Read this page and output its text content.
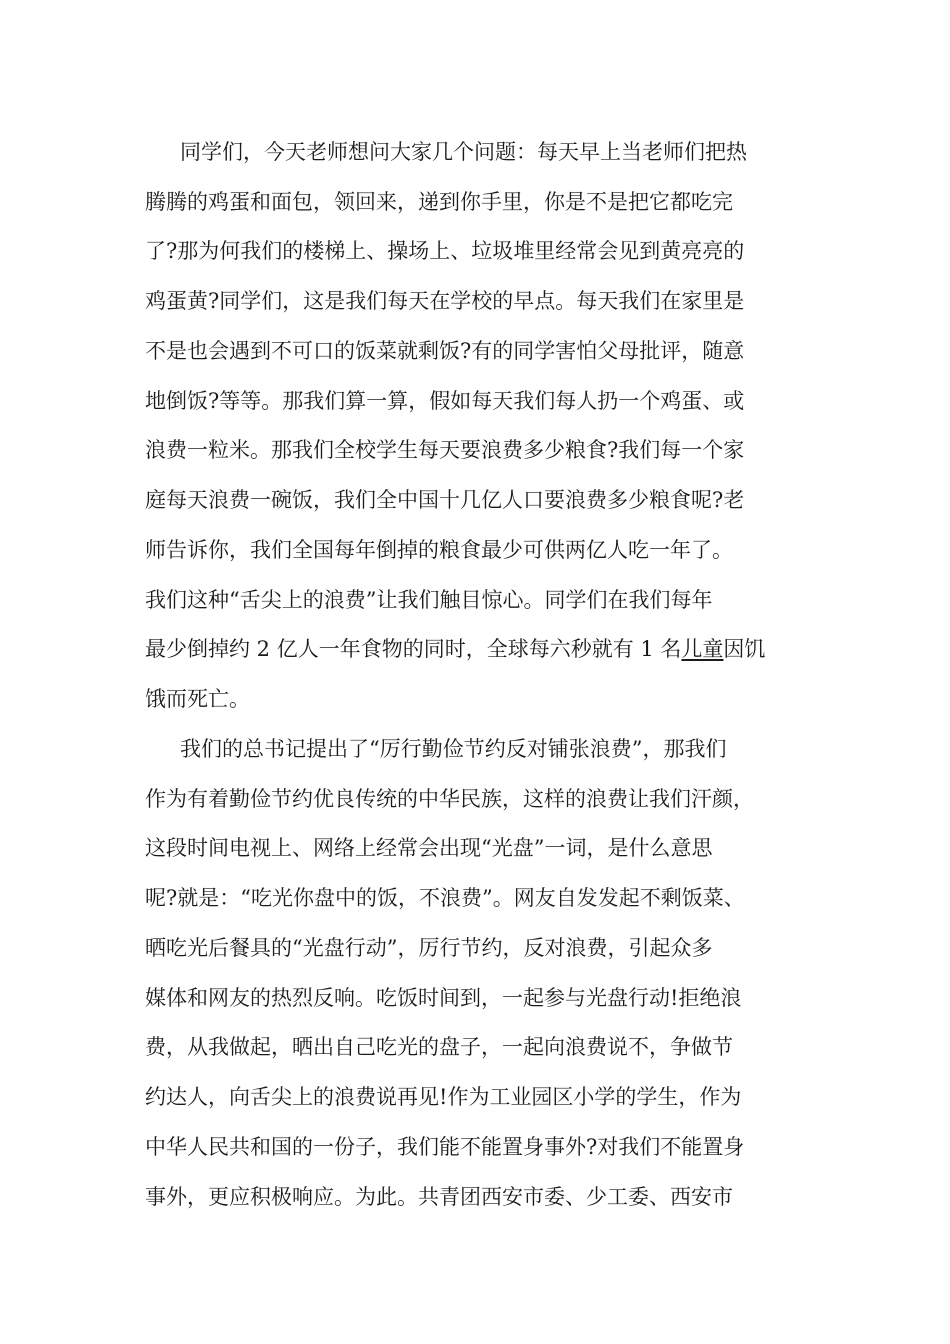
同学们，今天老师想问大家几个问题：每天早上当老师们把热
腾腾的鸡蛋和面包，领回来，递到你手里，你是不是把它都吃完
了?那为何我们的楼梯上、操场上、垃圾堆里经常会见到黄亮亮的
鸡蛋黄?同学们，这是我们每天在学校的早点。每天我们在家里是
不是也会遇到不可口的饭菜就剩饭?有的同学害怕父母批评，随意
地倒饭?等等。那我们算一算，假如每天我们每人扔一个鸡蛋、或
浪费一粒米。那我们全校学生每天要浪费多少粮食?我们每一个家
庭每天浪费一碗饭，我们全中国十几亿人口要浪费多少粮食呢?老
师告诉你，我们全国每年倒掉的粮食最少可供两亿人吃一年了。
我们这种“舌尖上的浪费”让我们触目惊心。同学们在我们每年
最少倒掉约 2 亿人一年食物的同时，全球每六秒就有 1 名儿童因饥
饿而死亡。
我们的总书记提出了“厉行勤俭节约反对铺张浪费”，那我们
作为有着勤俭节约优良传统的中华民族，这样的浪费让我们汗颜，
这段时间电视上、网络上经常会出现“光盘”一词，是什么意思
呢?就是：“吃光你盘中的饭，不浪费”。网友自发发起不剩饭菜、
晒吃光后餐具的“光盘行动”，厉行节约，反对浪费，引起众多
媒体和网友的热烈反响。吃饭时间到，一起参与光盘行动!拒绝浪
费，从我做起，晒出自己吃光的盘子，一起向浪费说不，争做节
约达人，向舌尖上的浪费说再见!作为工业园区小学的学生，作为
中华人民共和国的一份子，我们能不能置身事外?对我们不能置身
事外，更应积极响应。为此。共青团西安市委、少工委、西安市
